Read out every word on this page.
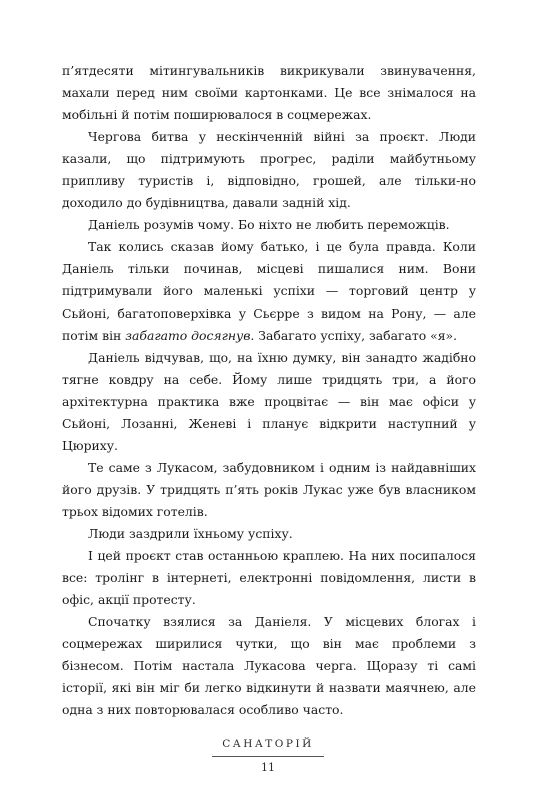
п’ятдесяти мітингувальників викрикували звинувачення, махали перед ним своїми картонками. Це все знімалося на мобільні й потім поширювалося в соцмережах.

Чергова битва у нескінченній війні за проєкт. Люди казали, що підтримують прогрес, раділи майбутньому припливу туристів і, відповідно, грошей, але тільки-но доходило до будівництва, давали задній хід.

Даніель розумів чому. Бо ніхто не любить переможців.

Так колись сказав йому батько, і це була правда. Коли Даніель тільки починав, місцеві пишалися ним. Вони підтримували його маленькі успіхи — торговий центр у Сьйоні, багатоповерхівка у Сьєрре з видом на Рону, — але потім він забагато досягнув. Забагато успіху, забагато «я».

Даніель відчував, що, на їхню думку, він занадто жадібно тягне ковдру на себе. Йому лише тридцять три, а його архітектурна практика вже процвітає — він має офіси у Сьйоні, Лозанні, Женеві і планує відкрити наступний у Цюриху.

Те саме з Лукасом, забудовником і одним із найдавніших його друзів. У тридцять п’ять років Лукас уже був власником трьох відомих готелів.

Люди заздрили їхньому успіху.

І цей проєкт став останньою краплею. На них посипалося все: тролінг в інтернеті, електронні повідомлення, листи в офіс, акції протесту.

Спочатку взялися за Даніеля. У місцевих блогах і соцмережах ширилися чутки, що він має проблеми з бізнесом. Потім настала Лукасова черга. Щоразу ті самі історії, які він міг би легко відкинути й назвати маячнею, але одна з них повторювалася особливо часто.

САНАТОРІЙ
11
